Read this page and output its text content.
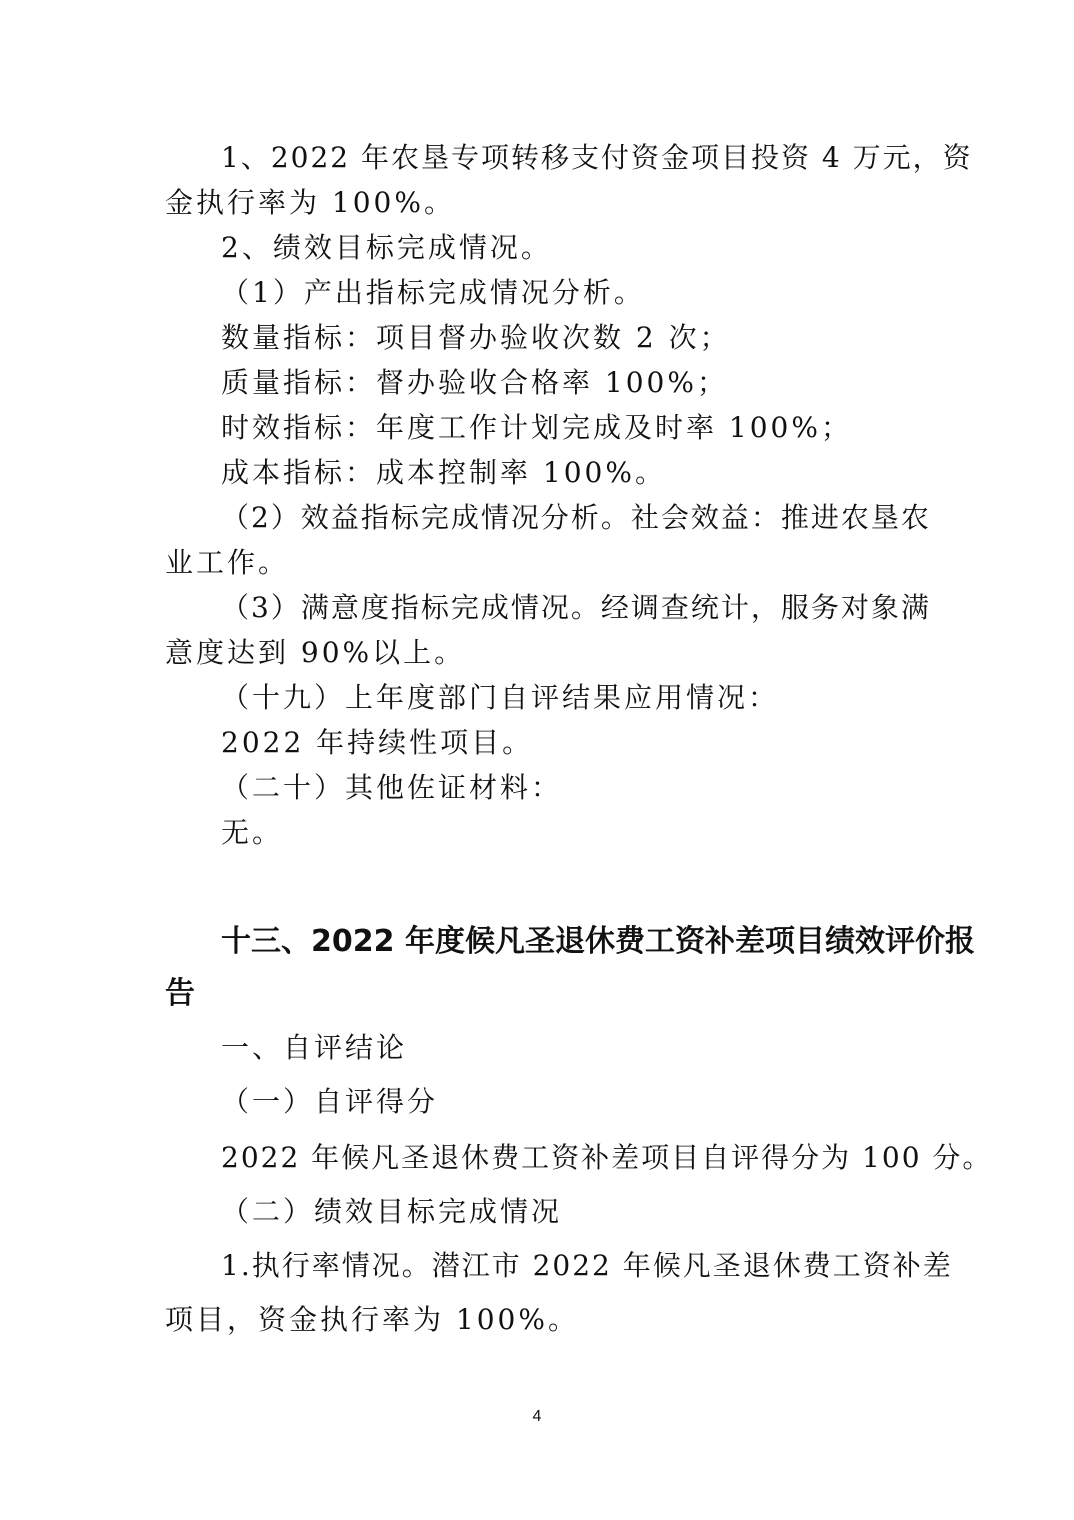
1、2022 年农垦专项转移支付资金项目投资 4 万元，资
金执行率为 100%。
2、绩效目标完成情况。
（1）产出指标完成情况分析。
数量指标：项目督办验收次数 2 次；
质量指标：督办验收合格率 100%；
时效指标：年度工作计划完成及时率 100%；
成本指标：成本控制率 100%。
（2）效益指标完成情况分析。社会效益：推进农垦农
业工作。
（3）满意度指标完成情况。经调查统计，服务对象满
意度达到 90%以上。
（十九）上年度部门自评结果应用情况：
2022 年持续性项目。
（二十）其他佐证材料：
无。
十三、2022 年度候凡圣退休费工资补差项目绩效评价报
告
一、自评结论
（一）自评得分
2022 年候凡圣退休费工资补差项目自评得分为 100 分。
（二）绩效目标完成情况
1.执行率情况。潜江市 2022 年候凡圣退休费工资补差
项目，资金执行率为 100%。
4
